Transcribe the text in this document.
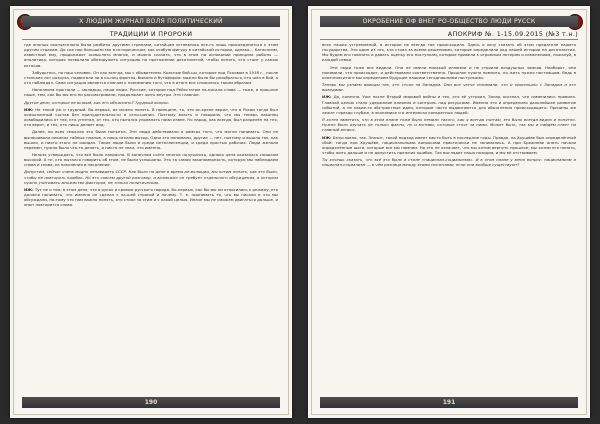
Х ЛЮДИМ ЖУРНАЛ ВОЛЯ ПОЛИТИЧЕСКИЙ
ТРАДИЦИИ И ПРОРОКИ

где японцы окончательно были разбиты другими странами, китайцам оставалось все-го лишь присоединиться к этим другим странам. До сих пор большинство в историческом, как особую фигуру в китайской истории, однако… Катаклизм, известный ему, продолжает осмыслять многое, и можно сказать, что в этом на основании принципа работы — аналитика, которая позволила обезоружить ситуацию на протяжении десятилетий, чтобы понять, кто стоит у самых истоков.

Забудьтесь, на наш человек. Он как всегда, мы с обывателем. Красные бой-цы, которые под Псковом в 1918 г., после стольких лет разруха, надвигали ли в ко-нец фронты, бывало и бутафория: можно было бы разобраться, кто шёл в бой, а кто наблюдал. Сама ситуация является ключом к пониманию того, что в итоге все сложилось таким образом.

Наполеона прогнали — молодцы, наши люди. Русские, которые под Рейхстагом на-писали слова — тоже, и прошлое наше, тем, как бы мы его ни рассматривали, продолжает жить внутри. Это главное.

Другое дело, которые не всякий, как его объяснить? Трудный вопрос.

ИЖ: Не такой уж и трудный. Во-первых, их можно понять. В принципе, то, что ис-крене верил, что в Росии тогда был осмысленный состав без принудительности в отно-шении. Поэтому власть и говорила, что мы теперь наконец освободились от тех, кто угнетал, от тех, кто пытался управлять нами извне. Но народ, как всегда, был разделён на тех, кто верит, и тех, кто лишь делает вид.

Далее, во всех смыслах это была попытка. Эти люди действовали в рамках того, что могли понимать. Они не вынашивали никаких тайных планов, а лишь искали выход. Одни это понимали, другие — нет, поэтому и вышло так, как вышло, и никто этого не ожидал. Такие люди были и среди интеллигенции, и среди простых рабочих. Люди желали перемен, нужно было что-то делать, и никто не знал, что именно.

Нельзя утверждать, что всё было напрасно. В конечном счёте многое получилось, однако цена оказалась слишком высокой. А те, кто пытался говорить об этом, не были услышаны. Это та самая закономерность, которую мы наблюдаем снова и снова, из поколения в поколение.

Допустим, сейчас очень модно ненавидеть СССР. Как было на деле в время ре-волюции, мы хотим понять, как это было, чтобы не повторять ошибок. Но это совсем другой разговор, и возможно он требует отдельного обсуждения, в котором нужно учитывать множество факторов, не только политических.

ИЖ: Тут не о том, в этом дело, что в руках и кровью русского народа. Во-первых, как бы мы ни относились к режиму, его должно понимать, что именно он сделал с на-шей страной и почему. Т. е. принимать то, что вы писали и что мы обсуждали, по-тому что нам важно понять, кто стоял за этим и с какой целью. Иначе мы не сможем двигаться дальше, и опыт повторится снова.

190
ОКРОБЕНИЕ ОФ ВНЕГ РО-ОБЩЕСТВО ЛЮДИ РУССК
АПОКРИФ №. 1-15.09.2015 (№3 т.н.)

всех наших устремлений, в истории не всегда так происходило. Здесь я хочу сказать об этом предателе нашего государства. Это один из тех, кто стоял за всеми решениями, которые определили ход нашей истории на десятилетия. Мы будем его помнить и давать оценку его поступкам, которые привели к огромным потерям и изменениям, пожалуй, в каждой семье.

Эти люди тоже все видели. Они не имели никакой иллюзии и не строили воздушных замков. Наоборот, они понимали, что происходит, и действовали соответственно. Прошлое нужно помнить, но жить нужно настоящим. Ведь в конечном итоге мы определяем будущее нашими сегодняшними поступками.

Теперь мы узнаем выводы тех, кто стоял за Западом. Они все четче понимали, что и произошло с Западом и его выводами.

ИЖ: Да, конечно. Уже после Второй мировой войны и тех, кто её устроил, Запад осознал, что изменились правила. Главной целью стало удержание влияния и контроль над ресурсами. Именно это и определило дальнейшее развитие событий, а не какие-то абстрактные идеи, которые часто выдвигаются для объяснения происходящего. Причины же лежат гораздо глубже, в экономике и в интересах конкретных людей.

Я хотел заметить, что в этом плане тоже было немало такого, как я всегда считаю, это было всегда видно и понятно. Нужно было изучать не только факты, но и мотивы, которые стоят за ними. Может быть, так мы и найдём ответ на главный вопрос.

ИЖ: Безусловно, так. Значит, такой подход имеет место быть в последние годы. Правда, на Хрущёве был определённый сбой: тогда при Хрущёве, национальными вопросами практически не занимались. А при Брежневе опять начали определённые шаги, которые все мы помним. Но это не означает, что мы хотим вернуть прошлое; мы хотим его понять, чтобы жить дальше и не допустить прежних ошибок. Так выглядит наша позиция, и мы её отстаиваем.

Ты хочешь сказать, что всё это было в стиле «национал-социализма». И в этом плане у меня вопрос: национализм и национал-социализм — в чём разница между этими понятиями, если они вообще существуют?

191
